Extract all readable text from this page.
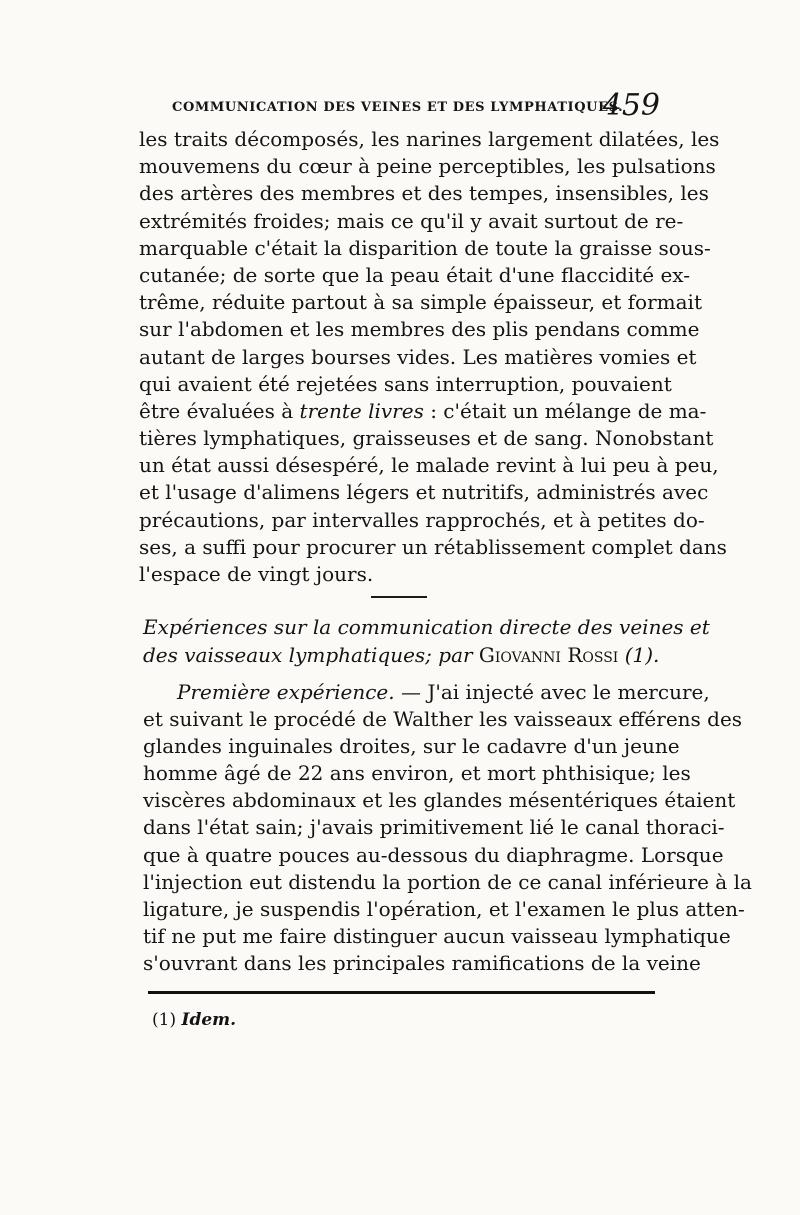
COMMUNICATION DES VEINES ET DES LYMPHATIQUES.
459
les traits décomposés, les narines largement dilatées, les
mouvemens du cœur à peine perceptibles, les pulsations
des artères des membres et des tempes, insensibles, les
extrémités froides; mais ce qu'il y avait surtout de re-
marquable c'était la disparition de toute la graisse sous-
cutanée; de sorte que la peau était d'une flaccidité ex-
trême, réduite partout à sa simple épaisseur, et formait
sur l'abdomen et les membres des plis pendans comme
autant de larges bourses vides. Les matières vomies et
qui avaient été rejetées sans interruption, pouvaient
être évaluées à trente livres : c'était un mélange de ma-
tières lymphatiques, graisseuses et de sang. Nonobstant
un état aussi désespéré, le malade revint à lui peu à peu,
et l'usage d'alimens légers et nutritifs, administrés avec
précautions, par intervalles rapprochés, et à petites do-
ses, a suffi pour procurer un rétablissement complet dans
l'espace de vingt jours.
Expériences sur la communication directe des veines et
des vaisseaux lymphatiques; par Giovanni Rossi (1).
Première expérience. — J'ai injecté avec le mercure,
et suivant le procédé de Walther les vaisseaux efférens des
glandes inguinales droites, sur le cadavre d'un jeune
homme âgé de 22 ans environ, et mort phthisique; les
viscères abdominaux et les glandes mésentériques étaient
dans l'état sain; j'avais primitivement lié le canal thoraci-
que à quatre pouces au-dessous du diaphragme. Lorsque
l'injection eut distendu la portion de ce canal inférieure à la
ligature, je suspendis l'opération, et l'examen le plus atten-
tif ne put me faire distinguer aucun vaisseau lymphatique
s'ouvrant dans les principales ramifications de la veine
(1) Idem.
